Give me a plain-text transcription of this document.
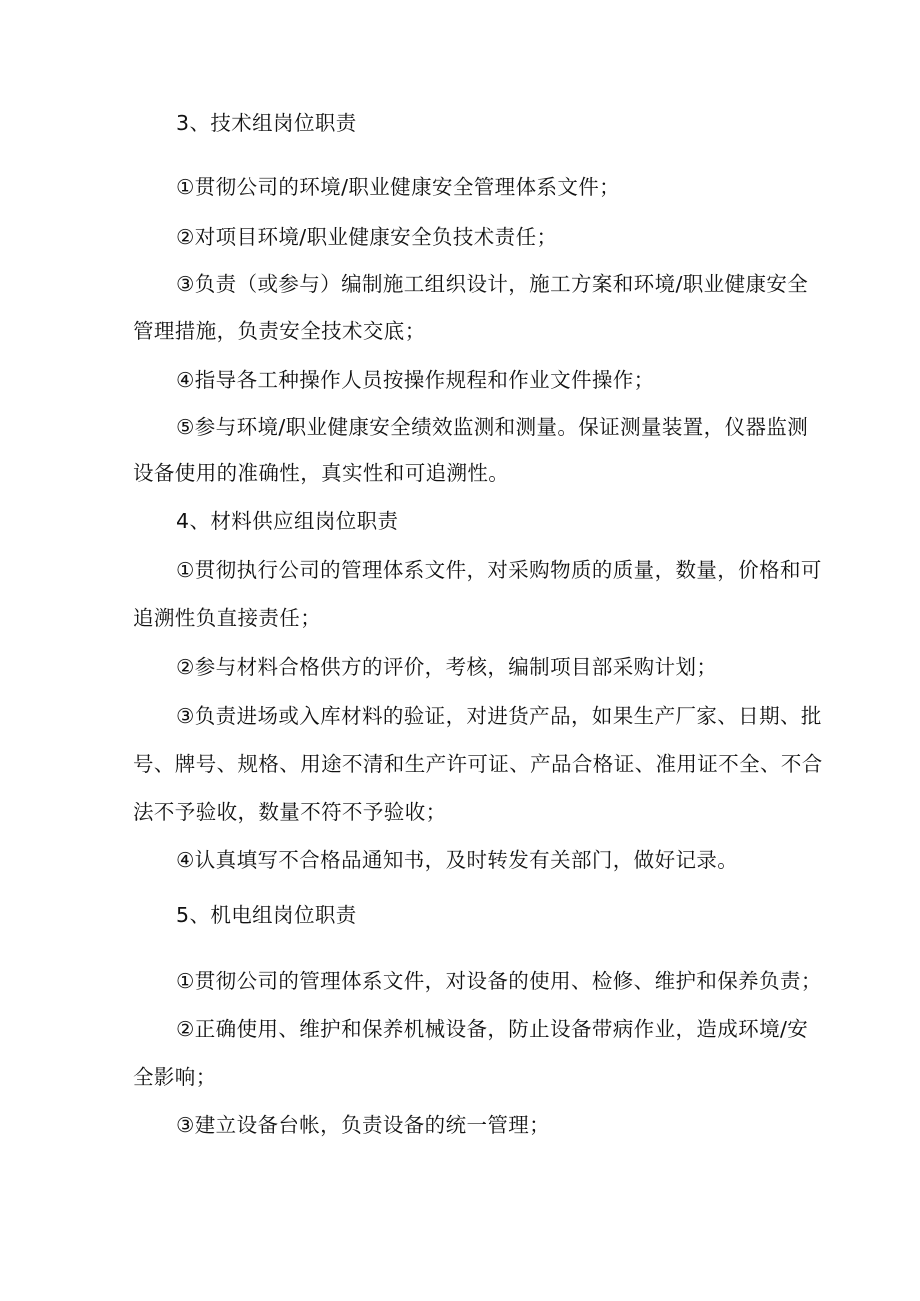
3、技术组岗位职责
①贯彻公司的环境/职业健康安全管理体系文件；
②对项目环境/职业健康安全负技术责任；
③负责（或参与）编制施工组织设计，施工方案和环境/职业健康安全
管理措施，负责安全技术交底；
④指导各工种操作人员按操作规程和作业文件操作；
⑤参与环境/职业健康安全绩效监测和测量。保证测量装置，仪器监测
设备使用的准确性，真实性和可追溯性。
4、材料供应组岗位职责
①贯彻执行公司的管理体系文件，对采购物质的质量，数量，价格和可
追溯性负直接责任；
②参与材料合格供方的评价，考核，编制项目部采购计划；
③负责进场或入库材料的验证，对进货产品，如果生产厂家、日期、批
号、牌号、规格、用途不清和生产许可证、产品合格证、准用证不全、不合
法不予验收，数量不符不予验收；
④认真填写不合格品通知书，及时转发有关部门，做好记录。
5、机电组岗位职责
①贯彻公司的管理体系文件，对设备的使用、检修、维护和保养负责；
②正确使用、维护和保养机械设备，防止设备带病作业，造成环境/安
全影响；
③建立设备台帐，负责设备的统一管理；
